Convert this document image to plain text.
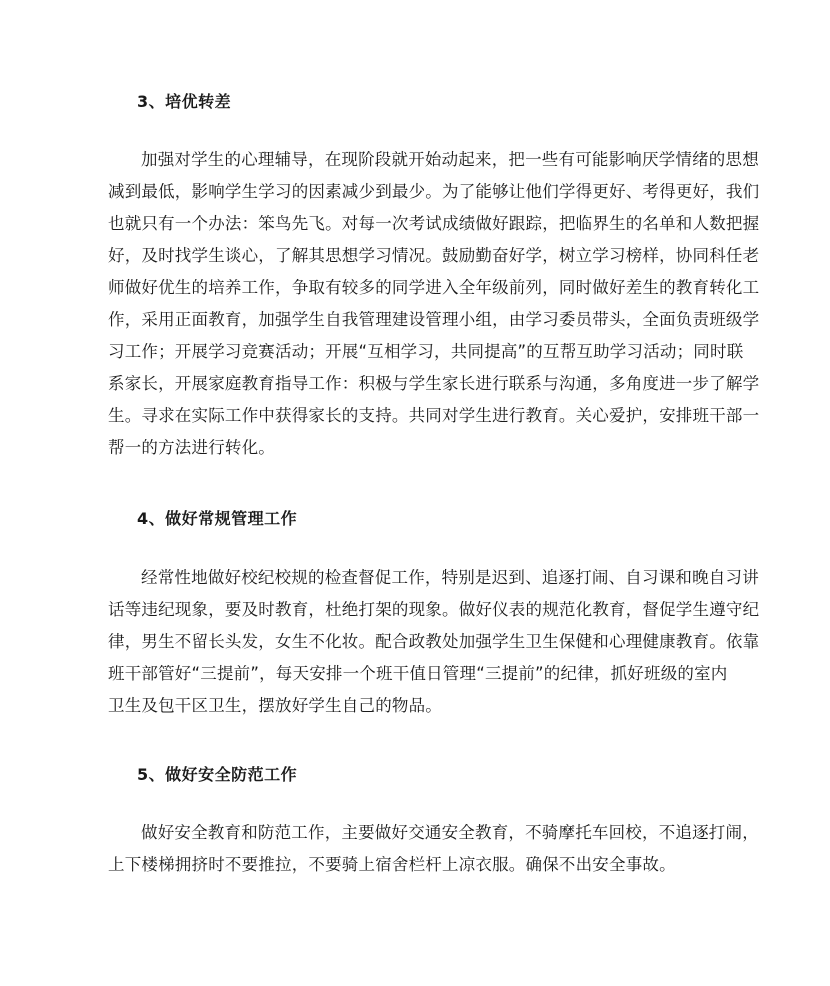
3、培优转差
加强对学生的心理辅导，在现阶段就开始动起来，把一些有可能影响厌学情绪的思想
减到最低，影响学生学习的因素减少到最少。为了能够让他们学得更好、考得更好，我们
也就只有一个办法：笨鸟先飞。对每一次考试成绩做好跟踪，把临界生的名单和人数把握
好，及时找学生谈心，了解其思想学习情况。鼓励勤奋好学，树立学习榜样，协同科任老
师做好优生的培养工作，争取有较多的同学进入全年级前列，同时做好差生的教育转化工
作，采用正面教育，加强学生自我管理建设管理小组，由学习委员带头，全面负责班级学
习工作；开展学习竞赛活动；开展“互相学习，共同提高”的互帮互助学习活动；同时联
系家长，开展家庭教育指导工作：积极与学生家长进行联系与沟通，多角度进一步了解学
生。寻求在实际工作中获得家长的支持。共同对学生进行教育。关心爱护，安排班干部一
帮一的方法进行转化。
4、做好常规管理工作
经常性地做好校纪校规的检查督促工作，特别是迟到、追逐打闹、自习课和晚自习讲
话等违纪现象，要及时教育，杜绝打架的现象。做好仪表的规范化教育，督促学生遵守纪
律，男生不留长头发，女生不化妆。配合政教处加强学生卫生保健和心理健康教育。依靠
班干部管好“三提前”，每天安排一个班干值日管理“三提前”的纪律，抓好班级的室内
卫生及包干区卫生，摆放好学生自己的物品。
5、做好安全防范工作
做好安全教育和防范工作，主要做好交通安全教育，不骑摩托车回校，不追逐打闹，
上下楼梯拥挤时不要推拉，不要骑上宿舍栏杆上凉衣服。确保不出安全事故。
